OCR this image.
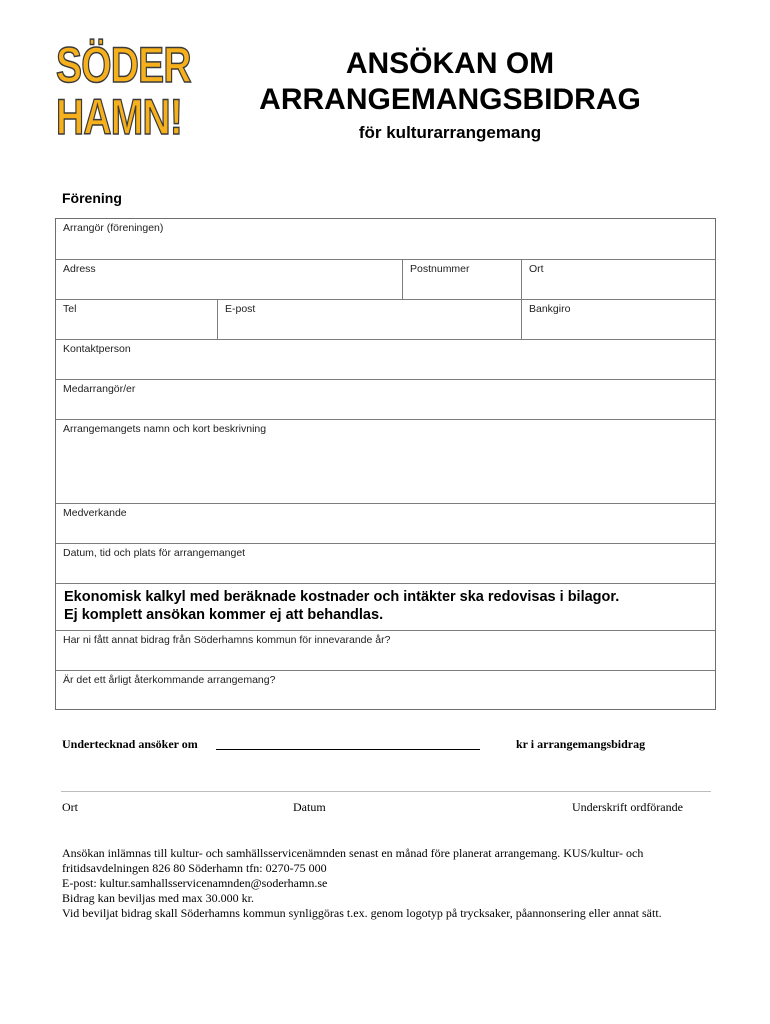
SÖDER
HAMN!
ANSÖKAN OM
ARRANGEMANGSBIDRAG
för kulturarrangemang
Förening
Arrangör (föreningen)
Adress	Postnummer	Ort
Tel	E-post	Bankgiro
Kontaktperson
Medarrangör/er
Arrangemangets namn och kort beskrivning
Medverkande
Datum, tid och plats för arrangemanget
Ekonomisk kalkyl med beräknade kostnader och intäkter ska redovisas i bilagor.
Ej komplett ansökan kommer ej att behandlas.
Har ni fått annat bidrag från Söderhamns kommun för innevarande år?
Är det ett årligt återkommande arrangemang?
Undertecknad ansöker om	kr i arrangemangsbidrag
Ort	Datum	Underskrift ordförande
Ansökan inlämnas till kultur- och samhällsservicenämnden senast en månad före planerat arrangemang. KUS/kultur- och
fritidsavdelningen 826 80 Söderhamn tfn: 0270-75 000
E-post: kultur.samhallsservicenamnden@soderhamn.se
Bidrag kan beviljas med max 30.000 kr.
Vid beviljat bidrag skall Söderhamns kommun synliggöras t.ex. genom logotyp på trycksaker, påannonsering eller annat sätt.
